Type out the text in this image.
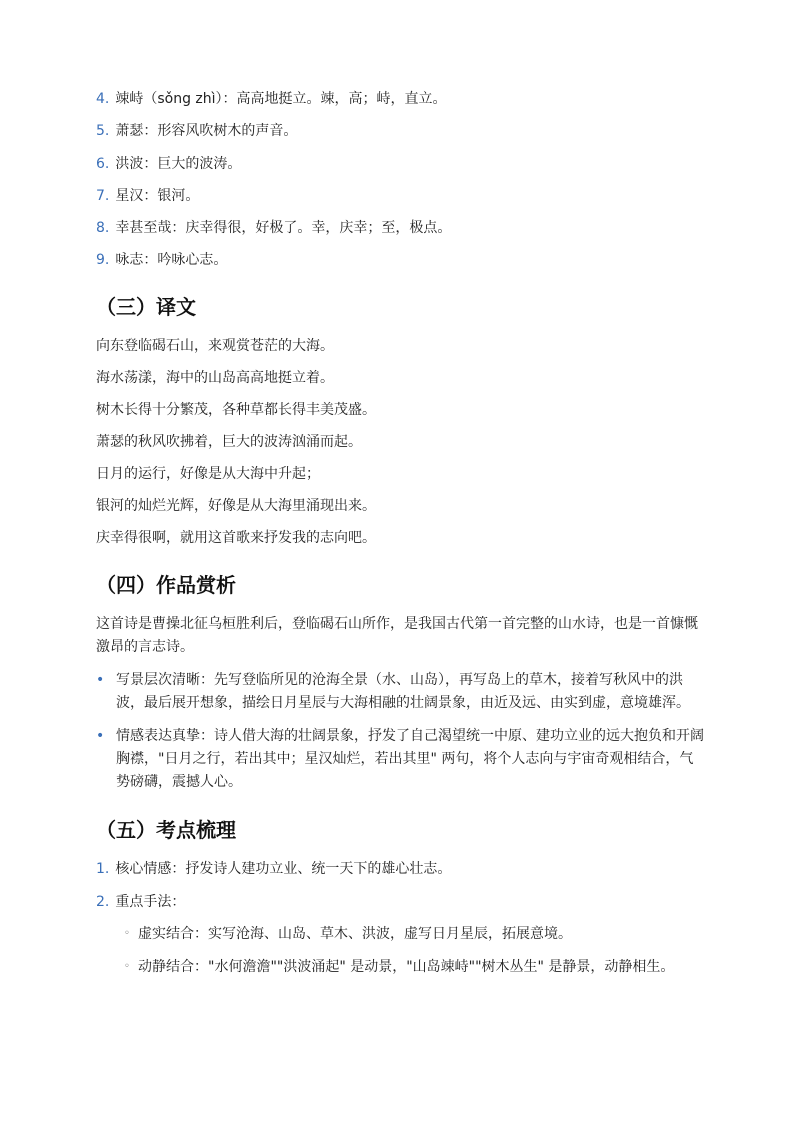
4. 竦峙（sǒng zhì）：高高地挺立。竦，高；峙，直立。
5. 萧瑟：形容风吹树木的声音。
6. 洪波：巨大的波涛。
7. 星汉：银河。
8. 幸甚至哉：庆幸得很，好极了。幸，庆幸；至，极点。
9. 咏志：吟咏心志。
（三）译文

向东登临碣石山，来观赏苍茫的大海。

海水荡漾，海中的山岛高高地挺立着。

树木长得十分繁茂，各种草都长得丰美茂盛。

萧瑟的秋风吹拂着，巨大的波涛汹涌而起。

日月的运行，好像是从大海中升起；

银河的灿烂光辉，好像是从大海里涌现出来。

庆幸得很啊，就用这首歌来抒发我的志向吧。

（四）作品赏析

这首诗是曹操北征乌桓胜利后，登临碣石山所作，是我国古代第一首完整的山水诗，也是一首慷慨激昂的言志诗。

• 写景层次清晰：先写登临所见的沧海全景（水、山岛），再写岛上的草木，接着写秋风中的洪波，最后展开想象，描绘日月星辰与大海相融的壮阔景象，由近及远、由实到虚，意境雄浑。
• 情感表达真挚：诗人借大海的壮阔景象，抒发了自己渴望统一中原、建功立业的远大抱负和开阔胸襟，"日月之行，若出其中；星汉灿烂，若出其里" 两句，将个人志向与宇宙奇观相结合，气势磅礴，震撼人心。
（五）考点梳理
1. 核心情感：抒发诗人建功立业、统一天下的雄心壮志。
2. 重点手法：
◦ 虚实结合：实写沧海、山岛、草木、洪波，虚写日月星辰，拓展意境。
◦ 动静结合："水何澹澹""洪波涌起" 是动景，"山岛竦峙""树木丛生" 是静景，动静相生。
